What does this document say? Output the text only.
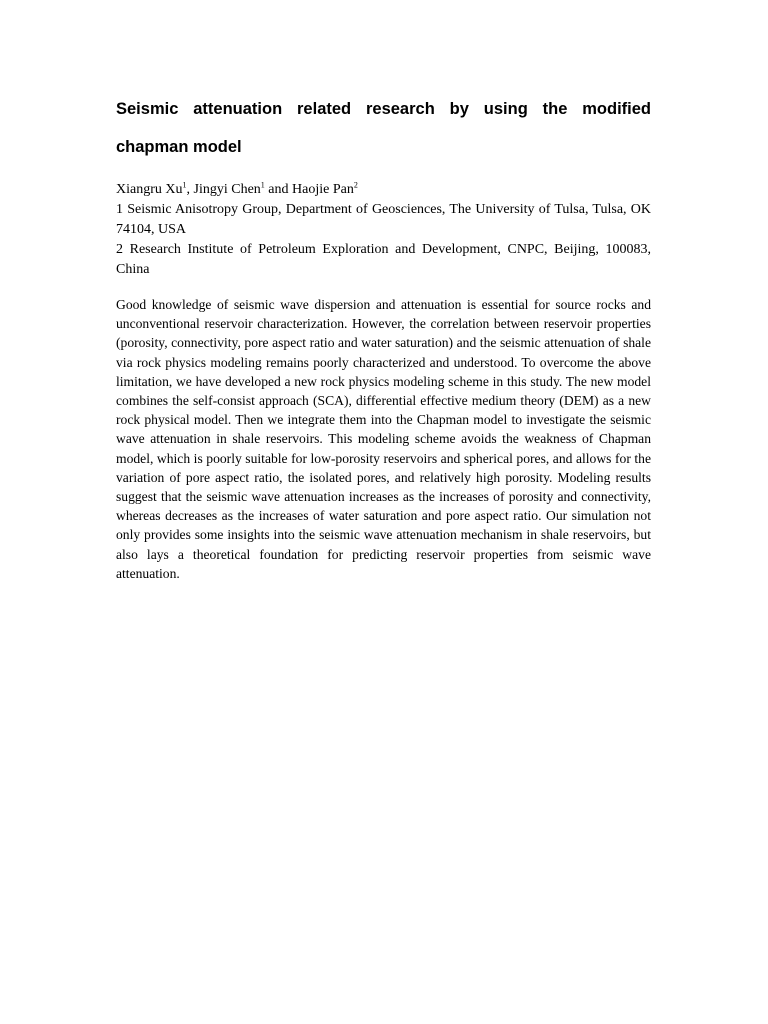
Seismic attenuation related research by using the modified
chapman model

Xiangru Xu$^1$, Jingyi Chen$^1$ and Haojie Pan$^2$

1 Seismic Anisotropy Group, Department of Geosciences, The University of Tulsa, Tulsa, OK 74104, USA

2 Research Institute of Petroleum Exploration and Development, CNPC, Beijing, 100083, China

Good knowledge of seismic wave dispersion and attenuation is essential for source rocks and unconventional reservoir characterization. However, the correlation between reservoir properties (porosity, connectivity, pore aspect ratio and water saturation) and the seismic attenuation of shale via rock physics modeling remains poorly characterized and understood. To overcome the above limitation, we have developed a new rock physics modeling scheme in this study. The new model combines the self-consist approach (SCA), differential effective medium theory (DEM) as a new rock physical model. Then we integrate them into the Chapman model to investigate the seismic wave attenuation in shale reservoirs. This modeling scheme avoids the weakness of Chapman model, which is poorly suitable for low-porosity reservoirs and spherical pores, and allows for the variation of pore aspect ratio, the isolated pores, and relatively high porosity. Modeling results suggest that the seismic wave attenuation increases as the increases of porosity and connectivity, whereas decreases as the increases of water saturation and pore aspect ratio. Our simulation not only provides some insights into the seismic wave attenuation mechanism in shale reservoirs, but also lays a theoretical foundation for predicting reservoir properties from seismic wave attenuation.
